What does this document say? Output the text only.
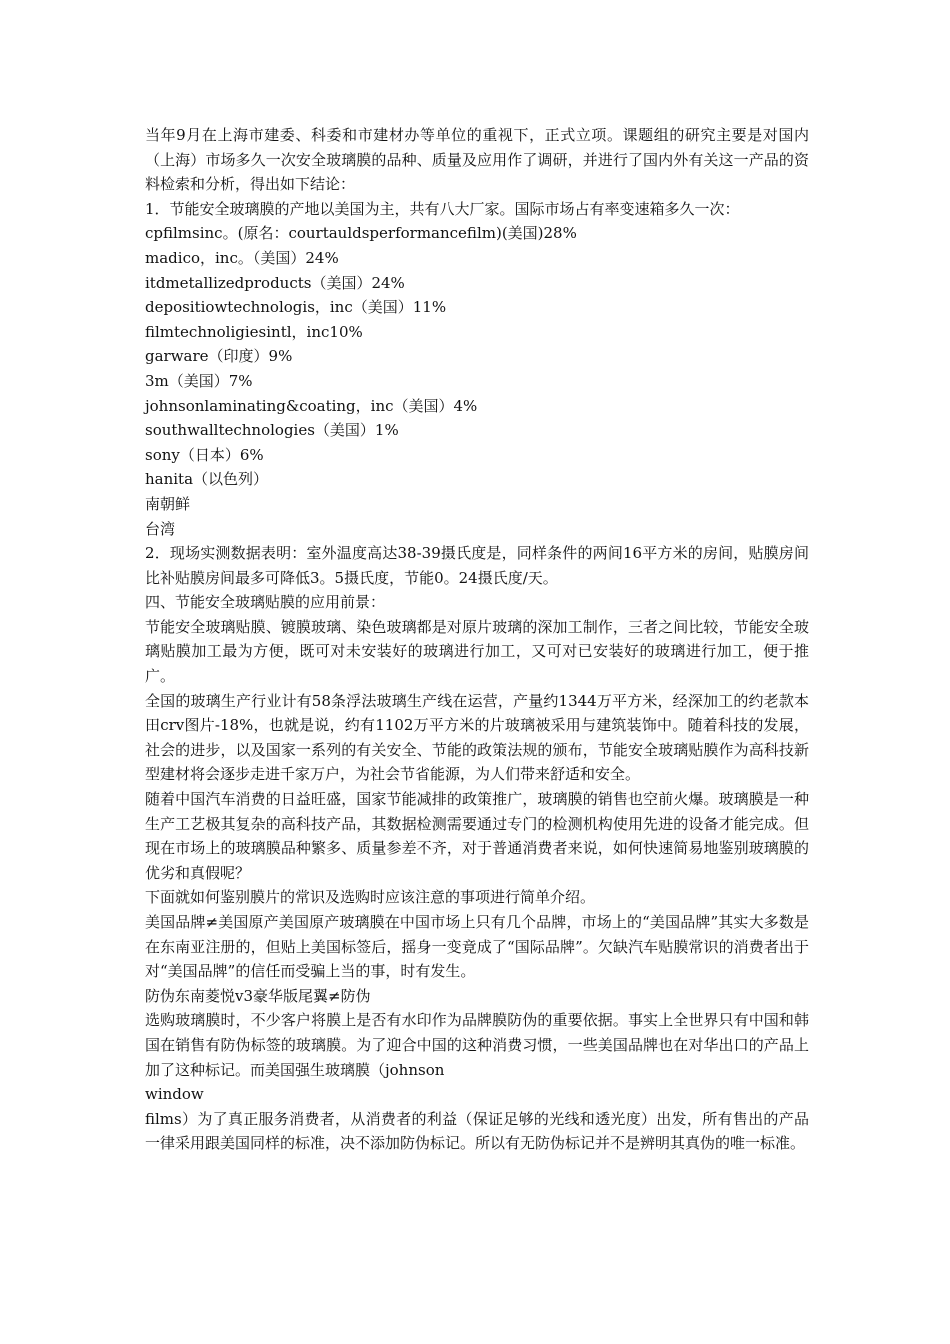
当年9月在上海市建委、科委和市建材办等单位的重视下，正式立项。课题组的研究主要是对国内（上海）市场多久一次安全玻璃膜的品种、质量及应用作了调研，并进行了国内外有关这一产品的资料检索和分析，得出如下结论：

1．节能安全玻璃膜的产地以美国为主，共有八大厂家。国际市场占有率变速箱多久一次：

cpfilmsinc。(原名：courtauldsperformancefilm)(美国)28%

madico，inc。（美国）24%

itdmetallizedproducts（美国）24%

depositiowtechnologis，inc（美国）11%

filmtechnoligiesintl，inc10%

garware（印度）9%

3m（美国）7%

johnsonlaminating&coating，inc（美国）4%

southwalltechnologies（美国）1%

sony（日本）6%

hanita（以色列）

南朝鲜

台湾

2．现场实测数据表明：室外温度高达38-39摄氏度是，同样条件的两间16平方米的房间，贴膜房间比补贴膜房间最多可降低3。5摄氏度，节能0。24摄氏度/天。

四、节能安全玻璃贴膜的应用前景：

节能安全玻璃贴膜、镀膜玻璃、染色玻璃都是对原片玻璃的深加工制作，三者之间比较，节能安全玻璃贴膜加工最为方便，既可对未安装好的玻璃进行加工，又可对已安装好的玻璃进行加工，便于推广。

全国的玻璃生产行业计有58条浮法玻璃生产线在运营，产量约1344万平方米，经深加工的约老款本田crv图片-18%，也就是说，约有1102万平方米的片玻璃被采用与建筑装饰中。随着科技的发展，社会的进步，以及国家一系列的有关安全、节能的政策法规的颁布，节能安全玻璃贴膜作为高科技新型建材将会逐步走进千家万户，为社会节省能源，为人们带来舒适和安全。

随着中国汽车消费的日益旺盛，国家节能减排的政策推广，玻璃膜的销售也空前火爆。玻璃膜是一种生产工艺极其复杂的高科技产品，其数据检测需要通过专门的检测机构使用先进的设备才能完成。但现在市场上的玻璃膜品种繁多、质量参差不齐，对于普通消费者来说，如何快速简易地鉴别玻璃膜的优劣和真假呢？

下面就如何鉴别膜片的常识及选购时应该注意的事项进行简单介绍。

美国品牌≠美国原产美国原产玻璃膜在中国市场上只有几个品牌，市场上的“美国品牌”其实大多数是在东南亚注册的，但贴上美国标签后，摇身一变竟成了“国际品牌”。欠缺汽车贴膜常识的消费者出于对“美国品牌”的信任而受骗上当的事，时有发生。

防伪东南菱悦v3豪华版尾翼≠防伪

选购玻璃膜时，不少客户将膜上是否有水印作为品牌膜防伪的重要依据。事实上全世界只有中国和韩国在销售有防伪标签的玻璃膜。为了迎合中国的这种消费习惯，一些美国品牌也在对华出口的产品上加了这种标记。而美国强生玻璃膜（johnson

window

films）为了真正服务消费者，从消费者的利益（保证足够的光线和透光度）出发，所有售出的产品一律采用跟美国同样的标准，决不添加防伪标记。所以有无防伪标记并不是辨明其真伪的唯一标准。
